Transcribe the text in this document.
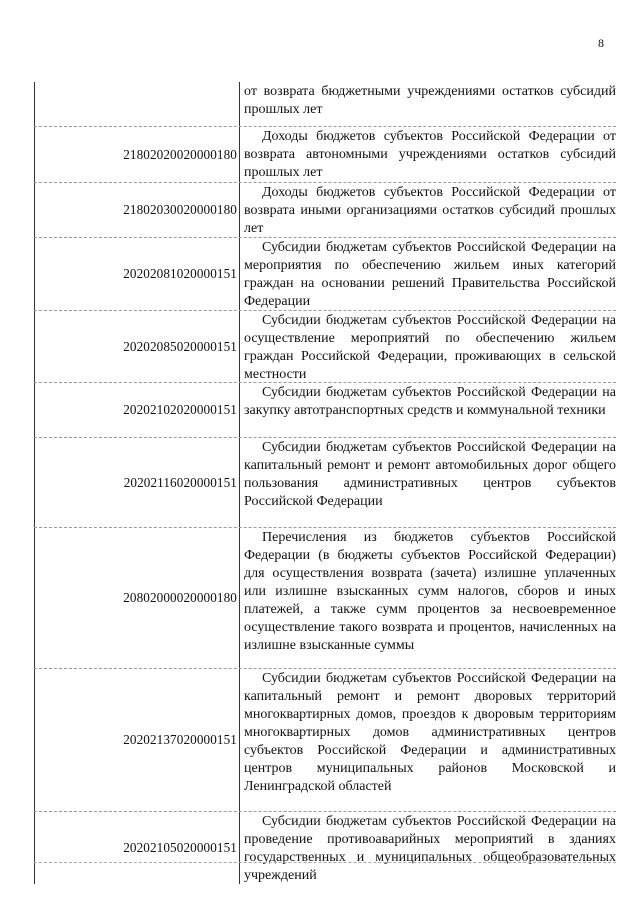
8
от возврата бюджетными учреждениями остатков субсидий прошлых лет
21802020020000180
Доходы бюджетов субъектов Российской Федерации от возврата автономными учреждениями остатков субсидий прошлых лет
21802030020000180
Доходы бюджетов субъектов Российской Федерации от возврата иными организациями остатков субсидий прошлых лет
20202081020000151
Субсидии бюджетам субъектов Российской Федерации на мероприятия по обеспечению жильем иных категорий граждан на основании решений Правительства Российской Федерации
20202085020000151
Субсидии бюджетам субъектов Российской Федерации на осуществление мероприятий по обеспечению жильем граждан Российской Федерации, проживающих в сельской местности
20202102020000151
Субсидии бюджетам субъектов Российской Федерации на закупку автотранспортных средств и коммунальной техники
20202116020000151
Субсидии бюджетам субъектов Российской Федерации на капитальный ремонт и ремонт автомобильных дорог общего пользования административных центров субъектов Российской Федерации
20802000020000180
Перечисления из бюджетов субъектов Российской Федерации (в бюджеты субъектов Российской Федерации) для осуществления возврата (зачета) излишне уплаченных или излишне взысканных сумм налогов, сборов и иных платежей, а также сумм процентов за несвоевременное осуществление такого возврата и процентов, начисленных на излишне взысканные суммы
20202137020000151
Субсидии бюджетам субъектов Российской Федерации на капитальный ремонт и ремонт дворовых территорий многоквартирных домов, проездов к дворовым территориям многоквартирных домов административных центров субъектов Российской Федерации и административных центров муниципальных районов Московской и Ленинградской областей
20202105020000151
Субсидии бюджетам субъектов Российской Федерации на проведение противоаварийных мероприятий в зданиях государственных и муниципальных общеобразовательных учреждений
